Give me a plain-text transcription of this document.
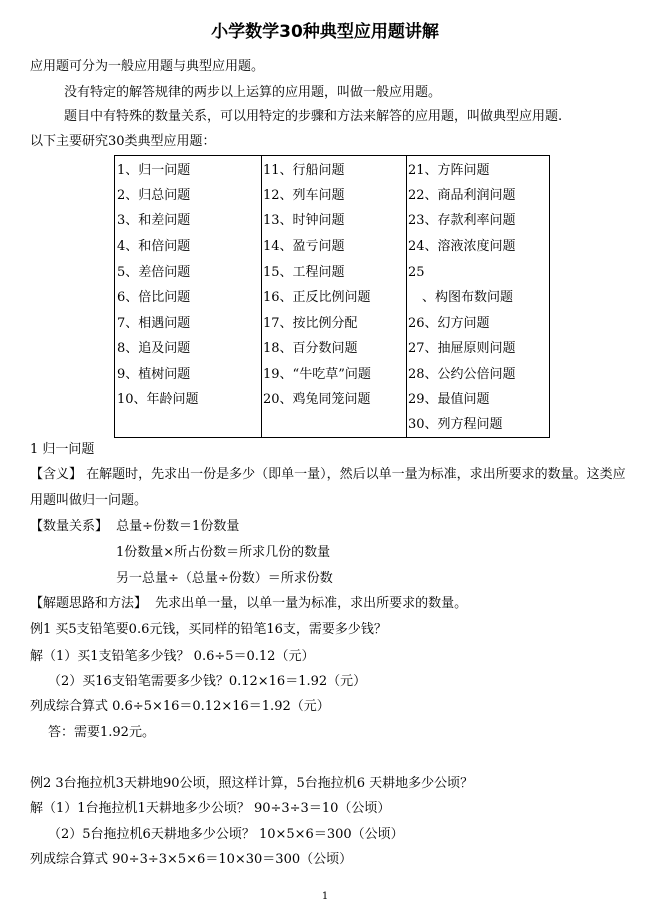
小学数学30种典型应用题讲解
应用题可分为一般应用题与典型应用题。
没有特定的解答规律的两步以上运算的应用题，叫做一般应用题。
题目中有特殊的数量关系，可以用特定的步骤和方法来解答的应用题，叫做典型应用题.
以下主要研究30类典型应用题：
1、归一问题
2、归总问题
3、和差问题
4、和倍问题
5、差倍问题
6、倍比问题
7、相遇问题
8、追及问题
9、植树问题
10、年龄问题
11、行船问题
12、列车问题
13、时钟问题
14、盈亏问题
15、工程问题
16、正反比例问题
17、按比例分配
18、百分数问题
19、“牛吃草”问题
20、鸡兔同笼问题
21、方阵问题
22、商品利润问题
23、存款利率问题
24、溶液浓度问题
25
、构图布数问题
26、幻方问题
27、抽屉原则问题
28、公约公倍问题
29、最值问题
30、列方程问题
1 归一问题
【含义】 在解题时，先求出一份是多少（即单一量），然后以单一量为标准，求出所要求的数量。这类应
用题叫做归一问题。
【数量关系】 总量÷份数＝1份数量
1份数量×所占份数＝所求几份的数量
另一总量÷（总量÷份数）＝所求份数
【解题思路和方法】 先求出单一量，以单一量为标准，求出所要求的数量。
例1 买5支铅笔要0.6元钱，买同样的铅笔16支，需要多少钱？
解（1）买1支铅笔多少钱？ 0.6÷5＝0.12（元）
（2）买16支铅笔需要多少钱？0.12×16＝1.92（元）
列成综合算式 0.6÷5×16＝0.12×16＝1.92（元）
答：需要1.92元。
例2 3台拖拉机3天耕地90公顷，照这样计算，5台拖拉机6 天耕地多少公顷？
解（1）1台拖拉机1天耕地多少公顷？ 90÷3÷3＝10（公顷）
（2）5台拖拉机6天耕地多少公顷？ 10×5×6＝300（公顷）
列成综合算式 90÷3÷3×5×6＝10×30＝300（公顷）
1
